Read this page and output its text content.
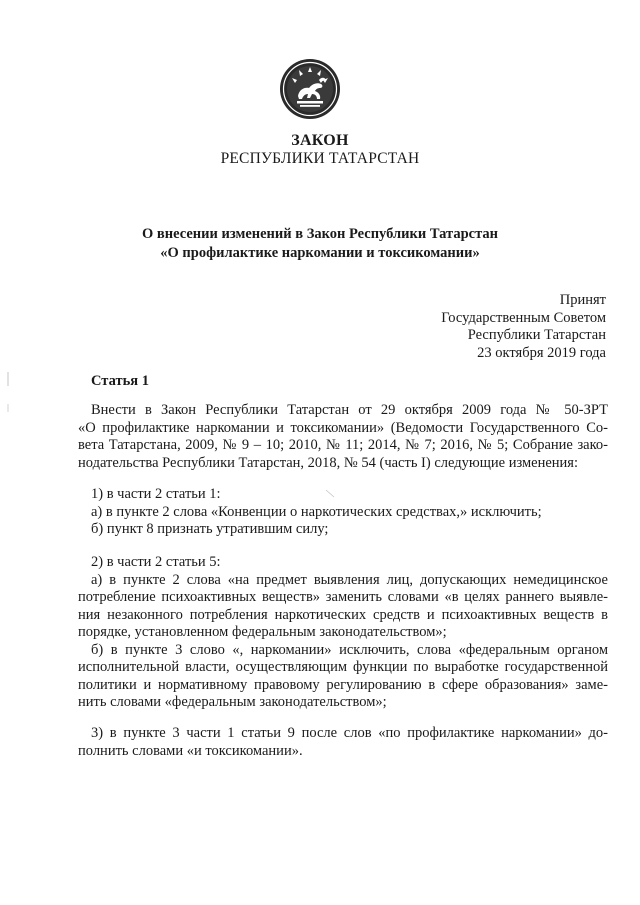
ЗАКОН
РЕСПУБЛИКИ ТАТАРСТАН
О внесении изменений в Закон Республики Татарстан
«О профилактике наркомании и токсикомании»
Принят
Государственным Советом
Республики Татарстан
23 октября 2019 года
Статья 1
Внести в Закон Республики Татарстан от 29 октября 2009 года № 50-ЗРТ
«О профилактике наркомании и токсикомании» (Ведомости Государственного Со-
вета Татарстана, 2009, № 9 – 10; 2010, № 11; 2014, № 7; 2016, № 5; Собрание зако-
нодательства Республики Татарстан, 2018, № 54 (часть I) следующие изменения:
1) в части 2 статьи 1:
а) в пункте 2 слова «Конвенции о наркотических средствах,» исключить;
б) пункт 8 признать утратившим силу;
2) в части 2 статьи 5:
а) в пункте 2 слова «на предмет выявления лиц, допускающих немедицинское
потребление психоактивных веществ» заменить словами «в целях раннего выявле-
ния незаконного потребления наркотических средств и психоактивных веществ в
порядке, установленном федеральным законодательством»;
б) в пункте 3 слово «, наркомании» исключить, слова «федеральным органом
исполнительной власти, осуществляющим функции по выработке государственной
политики и нормативному правовому регулированию в сфере образования» заме-
нить словами «федеральным законодательством»;
3) в пункте 3 части 1 статьи 9 после слов «по профилактике наркомании» до-
полнить словами «и токсикомании».
